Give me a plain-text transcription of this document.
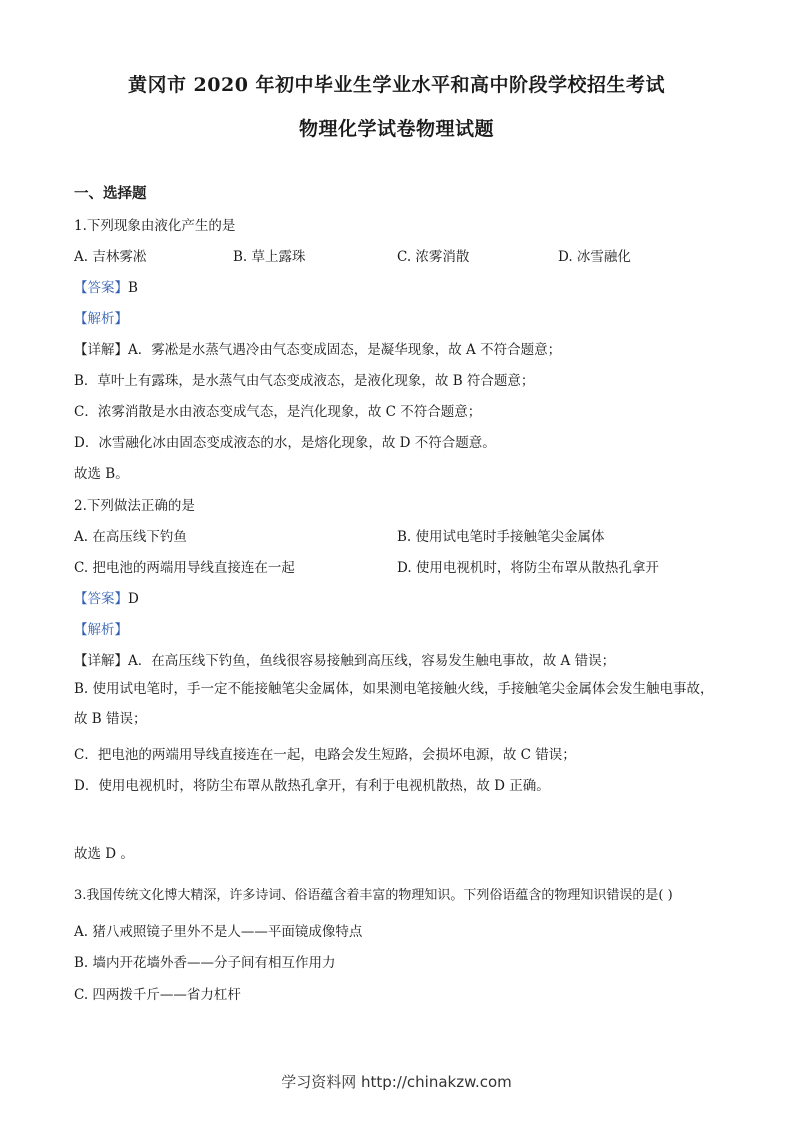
黄冈市 2020 年初中毕业生学业水平和高中阶段学校招生考试
物理化学试卷物理试题
一、选择题
1.下列现象由液化产生的是
A. 吉林雾凇	B. 草上露珠	C. 浓雾消散	D. 冰雪融化
【答案】B
【解析】
【详解】A．雾凇是水蒸气遇冷由气态变成固态，是凝华现象，故 A 不符合题意；
B．草叶上有露珠，是水蒸气由气态变成液态，是液化现象，故 B 符合题意；
C．浓雾消散是水由液态变成气态，是汽化现象，故 C 不符合题意；
D．冰雪融化冰由固态变成液态的水，是熔化现象，故 D 不符合题意。
故选 B。
2.下列做法正确的是
A. 在高压线下钓鱼	B. 使用试电笔时手接触笔尖金属体
C. 把电池的两端用导线直接连在一起	D. 使用电视机时，将防尘布罩从散热孔拿开
【答案】D
【解析】
【详解】A．在高压线下钓鱼，鱼线很容易接触到高压线，容易发生触电事故，故 A 错误；
B. 使用试电笔时，手一定不能接触笔尖金属体，如果测电笔接触火线，手接触笔尖金属体会发生触电事故，故 B 错误；
C．把电池的两端用导线直接连在一起，电路会发生短路，会损坏电源，故 C 错误；
D．使用电视机时，将防尘布罩从散热孔拿开，有利于电视机散热，故 D 正确。
故选 D 。
3.我国传统文化博大精深，许多诗词、俗语蕴含着丰富的物理知识。下列俗语蕴含的物理知识错误的是( )
A. 猪八戒照镜子里外不是人——平面镜成像特点
B. 墙内开花墙外香——分子间有相互作用力
C. 四两拨千斤——省力杠杆
学习资料网 http://chinakzw.com
